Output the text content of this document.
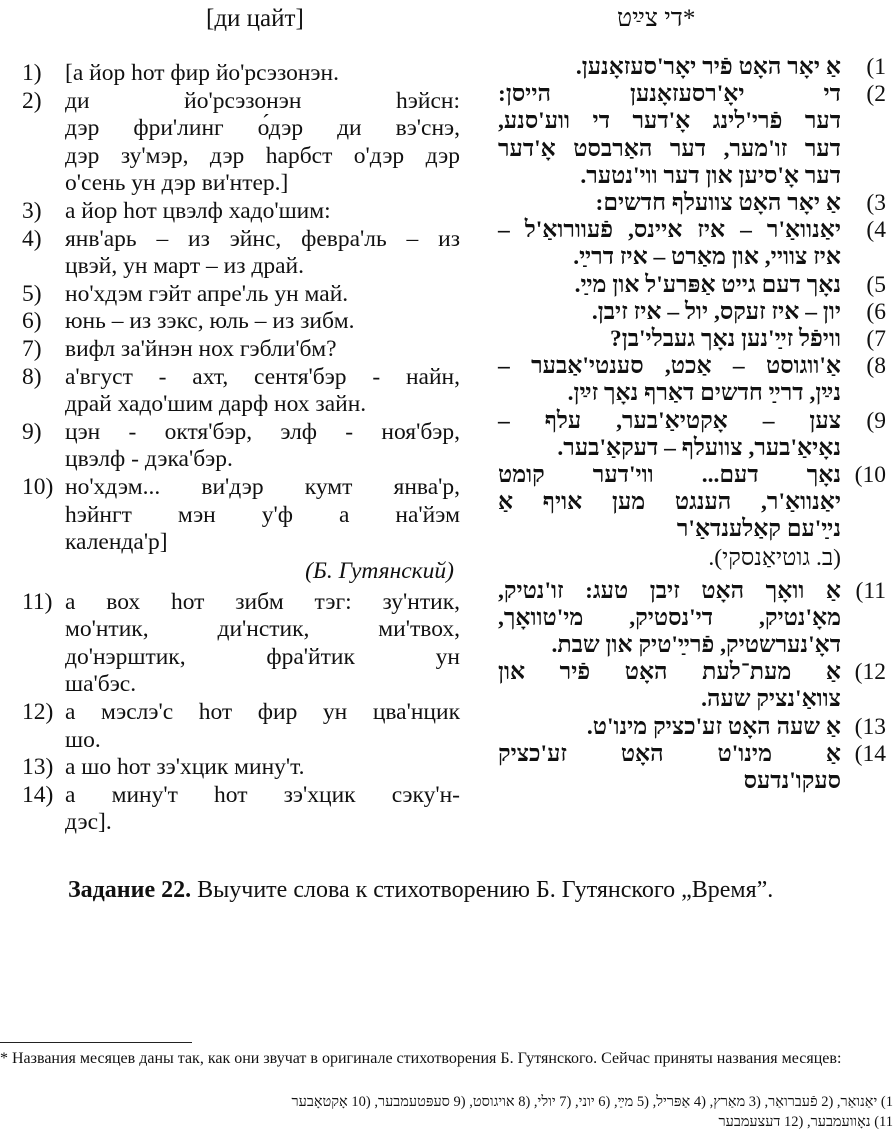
[ди цайт]	*די צײַט
1) [а йор hот фир йо'рсэзонэн.
2) ди йо'рсэзонэн hэйсн:
дэр фри'линг о́дэр ди вэ'снэ,
дэр зу'мэр, дэр hарбст о'дэр дэр
о'сень ун дэр ви'нтер.]
3) а йор hот цвэлф хадо'шим:
4) янв'арь – из эйнс, февра'ль – из
цвэй, ун март – из драй.
5) но'хдэм гэйт апре'ль ун май.
6) юнь – из зэкс, юль – из зибм.
7) вифл за'йнэн нох гэбли'бм?
8) а'вгуст - ахт, сентя'бэр - найн,
драй хадо'шим дарф нох зайн.
9) цэн - октя'бэр, элф - ноя'бэр,
цвэлф - дэка'бэр.
10) но'хдэм... ви'дэр кумт янва'р,
hэйнгт мэн у'ф а на'йэм
календа'р]
(Б. Гутянский)
11) а вох hот зибм тэг: зу'нтик,
мо'нтик, ди'нстик, ми'твох,
до'нэрштик, фра'йтик ун
ша'бэс.
12) а мэслэ'с hот фир ун цва'нцик
шо.
13) а шо hот зэ'хцик мину'т.
14) а мину'т hот зэ'хцик сэку'н-
дэс].
(1
אַ יאָר האָט פֿיר יאָר'סעזאָנען.
(2
די יאָ'רסעזאָנען הייסן:
דער פֿרי'לינג אָ'דער די ווע'סנע,
דער זו'מער, דער האַרבסט אָ'דער
דער אָ'סיען און דער ווי'נטער.
(3
אַ יאָר האָט צוועלף חדשים:
(4
יאַנוואַ'ר – איז איינס, פֿעוורואַ'ל –
איז צוויי, און מאַרט – איז דרײַ.
(5
נאָך דעם גייט אַפּרע'ל און מײַ.
(6
יון – איז זעקס, יול – איז זיבן.
(7
וויפֿל זײַ'נען נאָך געבלי'בן?
(8
אַ'ווגוסט – אַכט, סענטי'אַבער –
נײַן, דרײַ חדשים דאַרף נאָך זײַן.
(9
צען – אָקטיאַ'בער, עלף –
נאָיאַ'בער, צוועלף – דעקאַ'בער.
(10
נאָך דעם... ווי'דער קומט
יאַנוואַ'ר, הענגט מען אויף אַ
נײַ'עם קאַלענדאַ'ר
(ב. גוטיאַנסקי).
(11
אַ וואָך האָט זיבן טעג: זו'נטיק,
מאָ'נטיק, די'נסטיק, מי'טוואָך,
דאָ'נערשטיק, פֿרײַ'טיק און שבת.
(12
אַ מעת־לעת האָט פֿיר און
צוואַ'נציק שעה.
(13
אַ שעה האָט זע'כציק מינו'ט.
(14
אַ מינו'ט האָט זע'כציק
סעקו'נדעס
Задание 22. Выучите слова к стихотворению Б. Гутянского „Время”.
* Названия месяцев даны так, как они звучат в оригинале стихотворения Б. Гутянского. Сейчас приняты названия месяцев:
1) יאַנואַר, (2 פֿעברואַר, (3 מאַרץ, (4 אַפּריל, (5 מײַ, (6 יוני, (7 יולי, (8 אויגוסט, (9 סעפּטעמבער, (10 אָקטאָבער
11) נאָוועמבער, (12 דעצעמבער
